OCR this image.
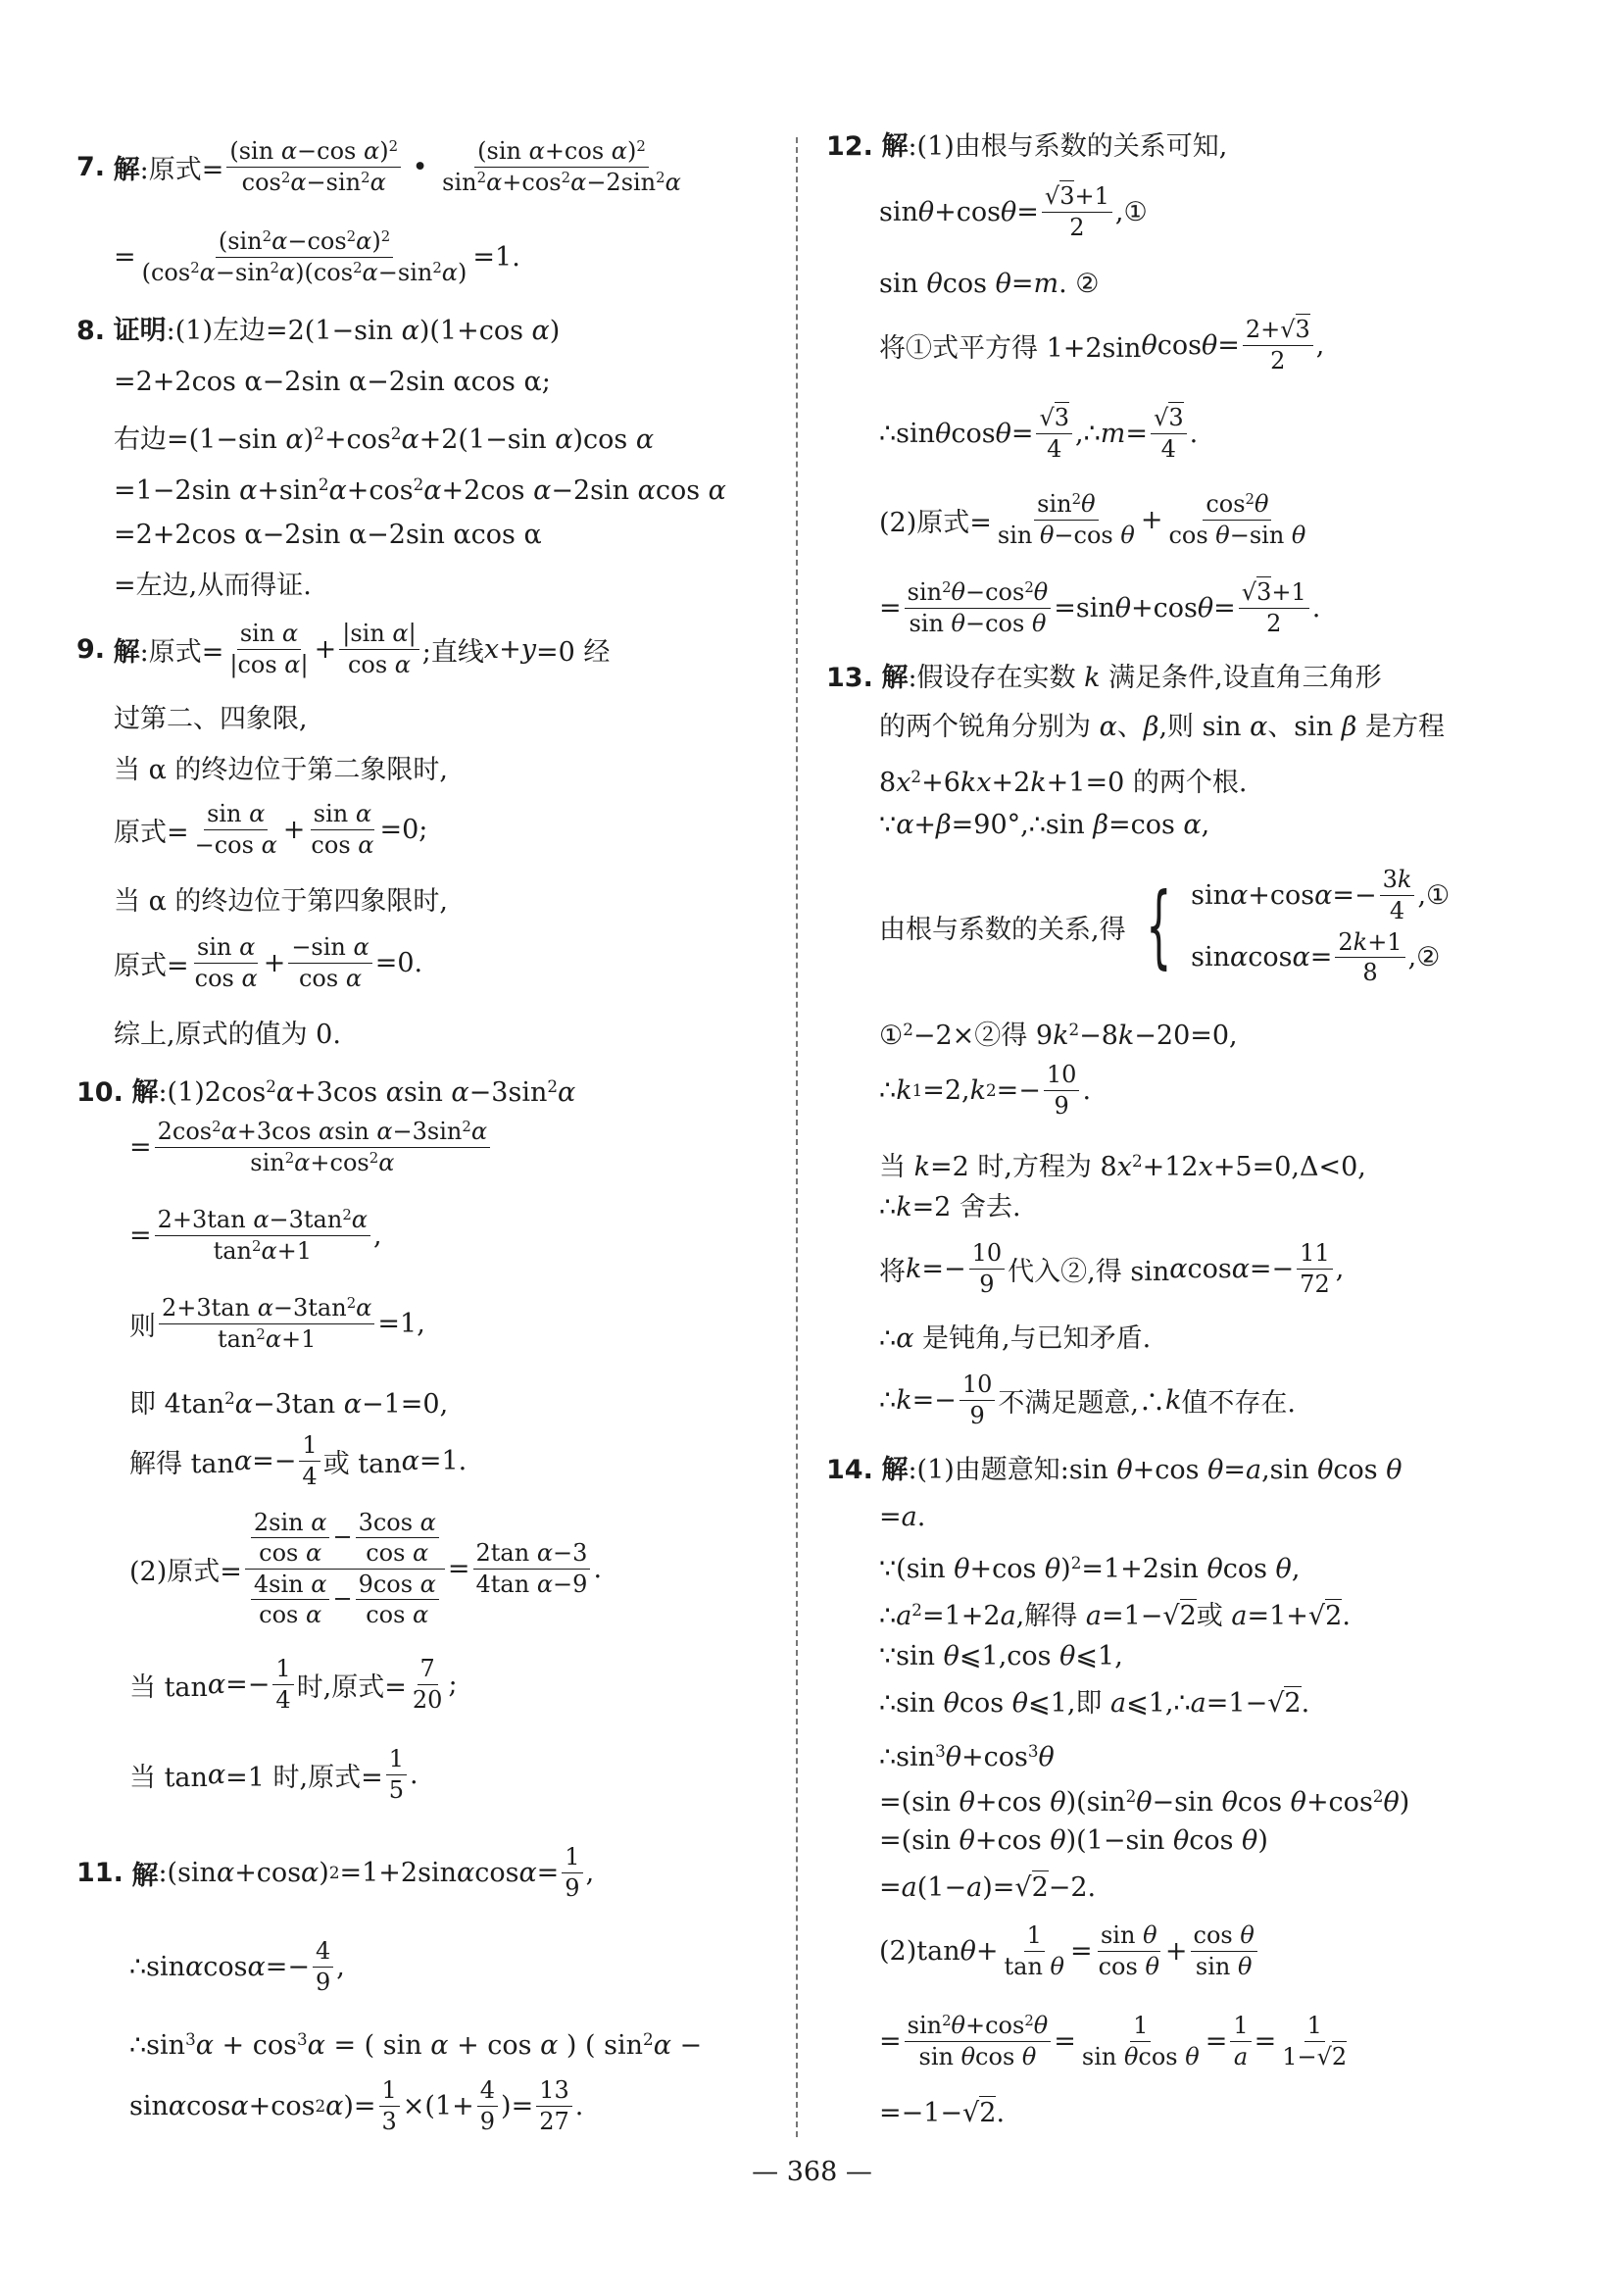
7.
解 :原式= $\frac{(\sin \alpha-\cos \alpha)^2}{\cos^2\alpha-\sin^2\alpha}$ • $\frac{(\sin \alpha+\cos \alpha)^2}{\sin^2\alpha+\cos^2\alpha-2\sin^2\alpha}$
= $\frac{(\sin^2\alpha-\cos^2\alpha)^2}{(\cos^2\alpha-\sin^2\alpha)(\cos^2\alpha-\sin^2\alpha)} =1$.
8. 证明:(1)左边=2(1−sin α)(1+cos α)
=2+2cos α−2sin α−2sin αcos α;
右边=(1−sin $\alpha)^2+\cos^2\alpha+2(1-\sin$ α)cos α
=1−2sin $\alpha+\sin^2\alpha+\cos^2\alpha+2\cos$ α−2sin αcos α
=2+2cos α−2sin α−2sin αcos α
=左边,从而得证.
9.
解 :原式= $\frac{\text{sin α}}{\text{|cos α|}} + \frac{\text{|sin α|}}{\text{cos α}}$ ;直线 x + y =0 经
过第二、四象限,
当 α 的终边位于第二象限时,
原式= $\frac{\text{sin α}}{\text{−cos α}} + \frac{\text{sin α}}{\text{cos α}} =0$;
当 α 的终边位于第四象限时,
原式= $\frac{\text{sin α}}{\text{cos α}} + \frac{\text{−sin α}}{\text{cos α}} =0$.
综上,原式的值为 0.
10. 解$:(1)2\cos^2\alpha+3\cos$ αsin $\alpha-3\sin^2\alpha$
= $\frac{2\cos^2\alpha+3\cos \alpha\sin \alpha-3\sin^2\alpha}{\sin^2\alpha+\cos^2\alpha}$
= $\frac{2+3\tan \alpha-3\tan^2\alpha}{\tan^2\alpha+1}$ ,
则 $\frac{2+3\tan \alpha-3\tan^2\alpha}{\tan^2\alpha+1} =1$,
即 $4\tan^2\alpha-3\tan$ α−1=0,
解得 $\tan \alpha =- \frac{1}{4}$ 或 tan α =1.
(2)原式= $\frac{\frac{\text{2sin α}}{\text{cos α}} - \frac{\text{3cos α}}{\text{cos α}}}{\frac{\text{4sin α}}{\text{cos α}} - \frac{\text{9cos α}}{\text{cos α}}} = \frac{\text{2tan α−3}}{\text{4tan α−9}}$ .
当 $\tan \alpha =- \frac{1}{4}$ 时,原式= $\frac{7}{20}$ ;
当 tan α =1 时,原式= $\frac{1}{5}$ .
11.
解 :(sin α +cos α ) 2 =1+2sin α $\cos \alpha = \frac{1}{9}$ ,
∴sin α $\cos \alpha =- \frac{4}{9}$ ,
$\therefore\sin^3\alpha + \cos^3\alpha$ = ( sin α + cos α ) ( $\sin^2\alpha$ −
sin α cos α +cos 2 α )= $\frac{1}{3} \times(1+ \frac{4}{9}$ )= $\frac{13}{27}$ .
12. 解:(1)由根与系数的关系可知,
sin θ +cos $\theta = \frac{√3+1}{2}$ ,①
sin θcos θ=m. ②
将①式平方得 1+2sin θ $\cos \theta = \frac{2+√3}{2}$ ,
∴sin θ $\cos \theta = \frac{√3}{4}$ ,∴ $m = \frac{√3}{4}$ .
(2)原式= $\frac{\sin^2\theta}{\text{sin θ−cos θ}} + \frac{\cos^2\theta}{\text{cos θ−sin θ}}$
= $\frac{\sin^2\theta-\cos^2\theta}{\text{sin θ−cos θ}} =\sin$ θ +cos $\theta = \frac{√3+1}{2}$ .
13. 解:假设存在实数 k 满足条件,设直角三角形
的两个锐角分别为 α、β,则 sin α、sin β 是方程
$8x^2+6kx+2k+1=0$ 的两个根.
∵α+β=90°,∴sin β=cos α,
由根与系数的关系,得 { sin α +cos $\alpha =- \frac{3k}{4}$ ,①
sin α $\cos \alpha = \frac{2k+1}{8}$ ,②
①$^2$−2×②得 $9k^2-8k-20=0$,
∴ k 1 =2, k $2 =- \frac{10}{9}$ .
当 k=2 时,方程为 $8x^2+12x+5=0,\Delta<0$,
∴k=2 舍去.
将 $k =- \frac{10}{9}$ 代入②,得 sin α $\cos \alpha =- \frac{11}{72}$ ,
∴α 是钝角,与已知矛盾.
∴ $k =- \frac{10}{9}$ 不满足题意,∴ k 值不存在.
14. 解:(1)由题意知:sin θ+cos θ=a,sin θcos θ
=a.
∵(sin θ+cos θ)$^2$=1+2sin θcos θ,
$\therefore a^2=1+2a$,解得 a=1−√2或 a=1+√2.
∵sin θ⩽1,cos θ⩽1,
∴sin θcos θ⩽1,即 a⩽1,∴a=1−√2.
$\therefore\sin^3\theta+\cos^3\theta$
=(sin θ+cos $\theta)(\sin^2\theta-\sin$ θcos $\theta+\cos^2\theta$)
=(sin θ+cos θ)(1−sin θcos θ)
=a(1−a)=√2−2.
(2)tan $\theta + \frac{1}{\text{tan θ}} = \frac{\text{sin θ}}{\text{cos θ}} + \frac{\text{cos θ}}{\text{sin θ}}$
= $\frac{\sin^2\theta+\cos^2\theta}{\text{sin θcos θ}} = \frac{1}{\text{sin θcos θ}} = \frac{1}{a} = \frac{1}{1-√2}$
=−1−√2.
— 368 —
